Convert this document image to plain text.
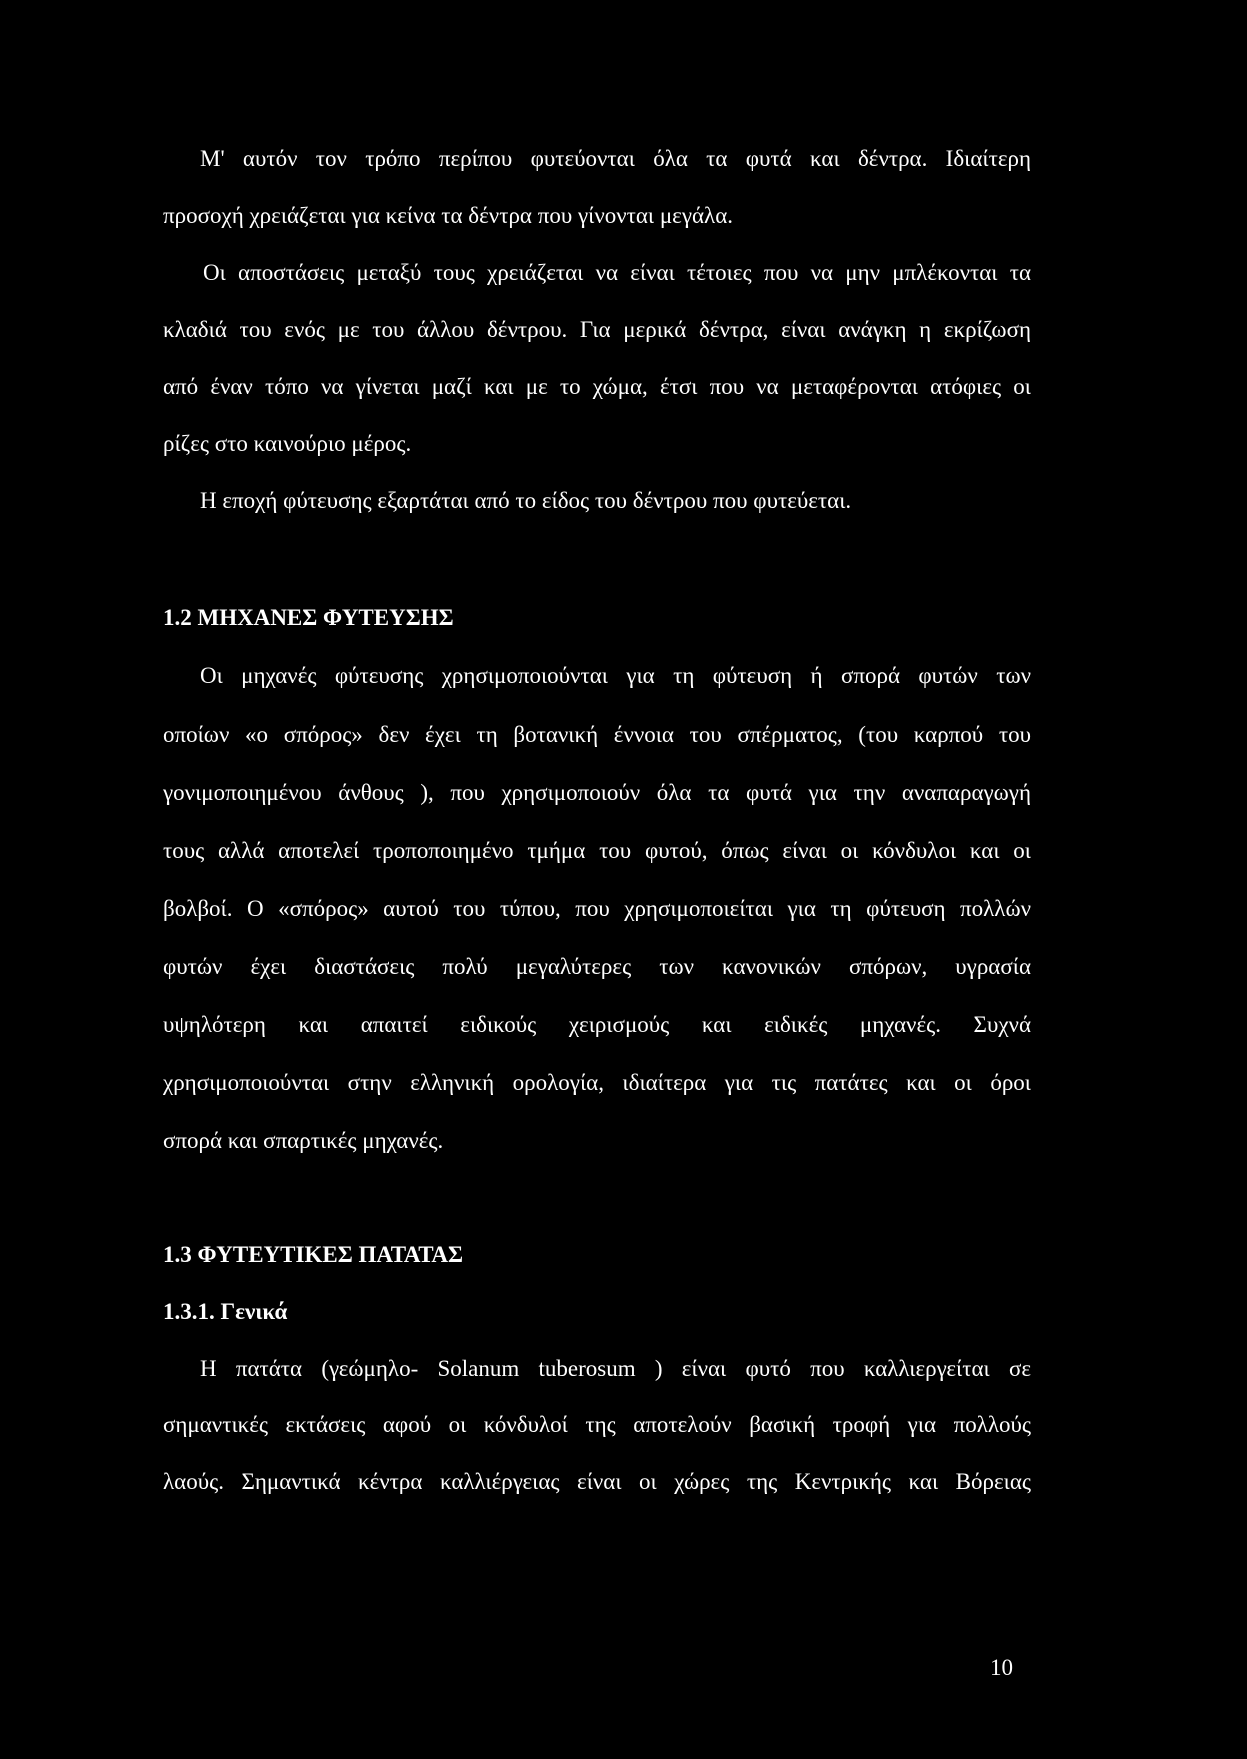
Μ' αυτόν τον τρόπο περίπου φυτεύονται όλα τα φυτά και δέντρα. Ιδιαίτερη
προσοχή χρειάζεται για κείνα τα δέντρα που γίνονται μεγάλα.
Οι αποστάσεις μεταξύ τους χρειάζεται να είναι τέτοιες που να μην μπλέκονται τα
κλαδιά του ενός με του άλλου δέντρου. Για μερικά δέντρα, είναι ανάγκη η εκρίζωση
από έναν τόπο να γίνεται μαζί και με το χώμα, έτσι που να μεταφέρονται ατόφιες οι
ρίζες στο καινούριο μέρος.
Η εποχή φύτευσης εξαρτάται από το είδος του δέντρου που φυτεύεται.
1.2 ΜΗΧΑΝΕΣ ΦΥΤΕΥΣΗΣ
Οι μηχανές φύτευσης χρησιμοποιούνται για τη φύτευση ή σπορά φυτών των
οποίων «ο σπόρος» δεν έχει τη βοτανική έννοια του σπέρματος, (του καρπού του
γονιμοποιημένου άνθους ), που χρησιμοποιούν όλα τα φυτά για την αναπαραγωγή
τους αλλά αποτελεί τροποποιημένο τμήμα του φυτού, όπως είναι οι κόνδυλοι και οι
βολβοί. Ο «σπόρος» αυτού του τύπου, που χρησιμοποιείται για τη φύτευση πολλών
φυτών έχει διαστάσεις πολύ μεγαλύτερες των κανονικών σπόρων, υγρασία
υψηλότερη και απαιτεί ειδικούς χειρισμούς και ειδικές μηχανές. Συχνά
χρησιμοποιούνται στην ελληνική ορολογία, ιδιαίτερα για τις πατάτες και οι όροι
σπορά και σπαρτικές μηχανές.
1.3 ΦΥΤΕΥΤΙΚΕΣ ΠΑΤΑΤΑΣ
1.3.1. Γενικά
Η πατάτα (γεώμηλο- Solanum tuberosum ) είναι φυτό που καλλιεργείται σε
σημαντικές εκτάσεις αφού οι κόνδυλοί της αποτελούν βασική τροφή για πολλούς
λαούς. Σημαντικά κέντρα καλλιέργειας είναι οι χώρες της Κεντρικής και Βόρειας
10
